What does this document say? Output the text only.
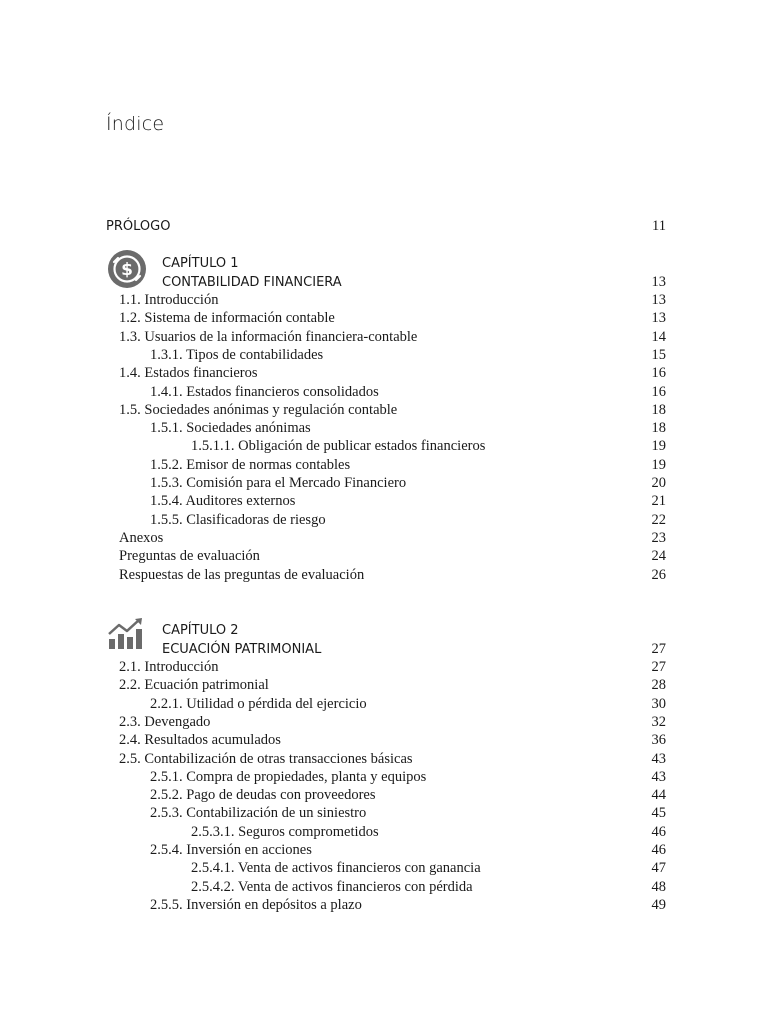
Índice
PRÓLOGO	11
$ CAPÍTULO 1
CONTABILIDAD FINANCIERA	13
1.1. Introducción	13
1.2. Sistema de información contable	13
1.3. Usuarios de la información financiera-contable	14
1.3.1. Tipos de contabilidades	15
1.4. Estados financieros	16
1.4.1. Estados financieros consolidados	16
1.5. Sociedades anónimas y regulación contable	18
1.5.1. Sociedades anónimas	18
1.5.1.1. Obligación de publicar estados financieros	19
1.5.2. Emisor de normas contables	19
1.5.3. Comisión para el Mercado Financiero	20
1.5.4. Auditores externos	21
1.5.5. Clasificadoras de riesgo	22
Anexos	23
Preguntas de evaluación	24
Respuestas de las preguntas de evaluación	26
CAPÍTULO 2
ECUACIÓN PATRIMONIAL	27
2.1. Introducción	27
2.2. Ecuación patrimonial	28
2.2.1. Utilidad o pérdida del ejercicio	30
2.3. Devengado	32
2.4. Resultados acumulados	36
2.5. Contabilización de otras transacciones básicas	43
2.5.1. Compra de propiedades, planta y equipos	43
2.5.2. Pago de deudas con proveedores	44
2.5.3. Contabilización de un siniestro	45
2.5.3.1. Seguros comprometidos	46
2.5.4. Inversión en acciones	46
2.5.4.1. Venta de activos financieros con ganancia	47
2.5.4.2. Venta de activos financieros con pérdida	48
2.5.5. Inversión en depósitos a plazo	49
